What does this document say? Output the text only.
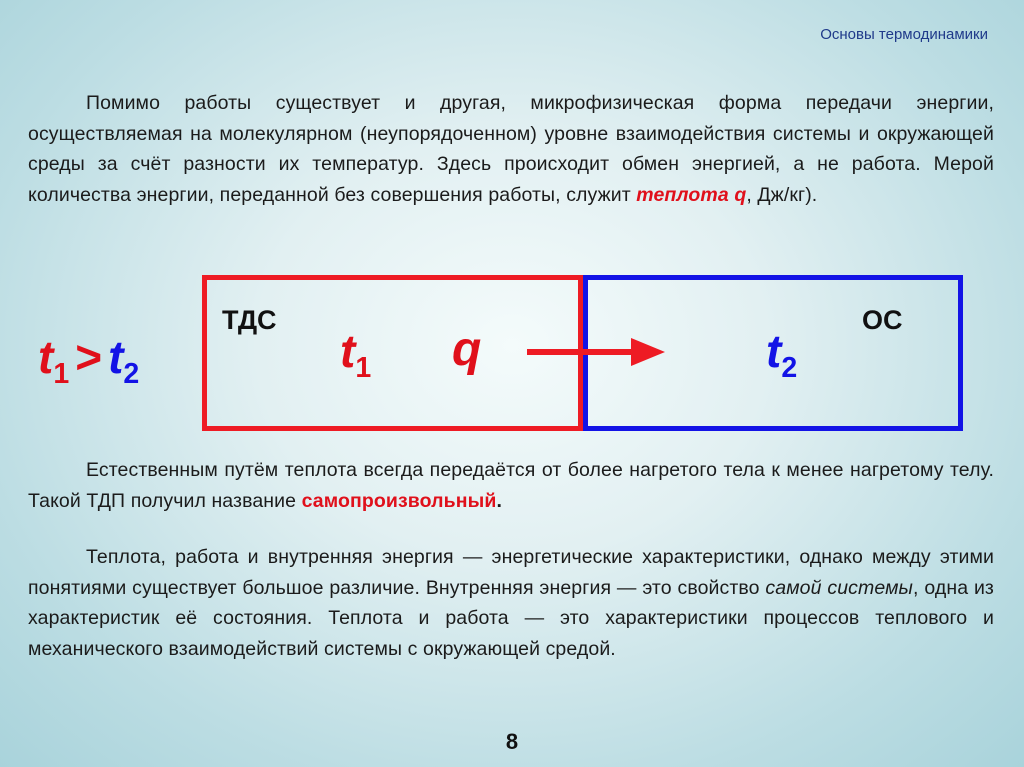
Основы термодинамики
Помимо работы существует и другая, микрофизическая форма передачи энергии, осуществляемая на молекулярном (неупорядоченном) уровне взаимодействия системы и окружающей среды за счёт разности их температур. Здесь происходит обмен энергией, а не работа. Мерой количества энергии, переданной без совершения работы, служит теплота q, Дж/кг).
$t_1 > t_2$
ТДС	ОС
$t_1$ q	$t_2$
Естественным путём теплота всегда передаётся от более нагретого тела к менее нагретому телу. Такой ТДП получил название самопроизвольный.
Теплота, работа и внутренняя энергия — энергетические характеристики, однако между этими понятиями существует большое различие. Внутренняя энергия — это свойство самой системы, одна из характеристик её состояния. Теплота и работа — это характеристики процессов теплового и механического взаимодействий системы с окружающей средой.
8
